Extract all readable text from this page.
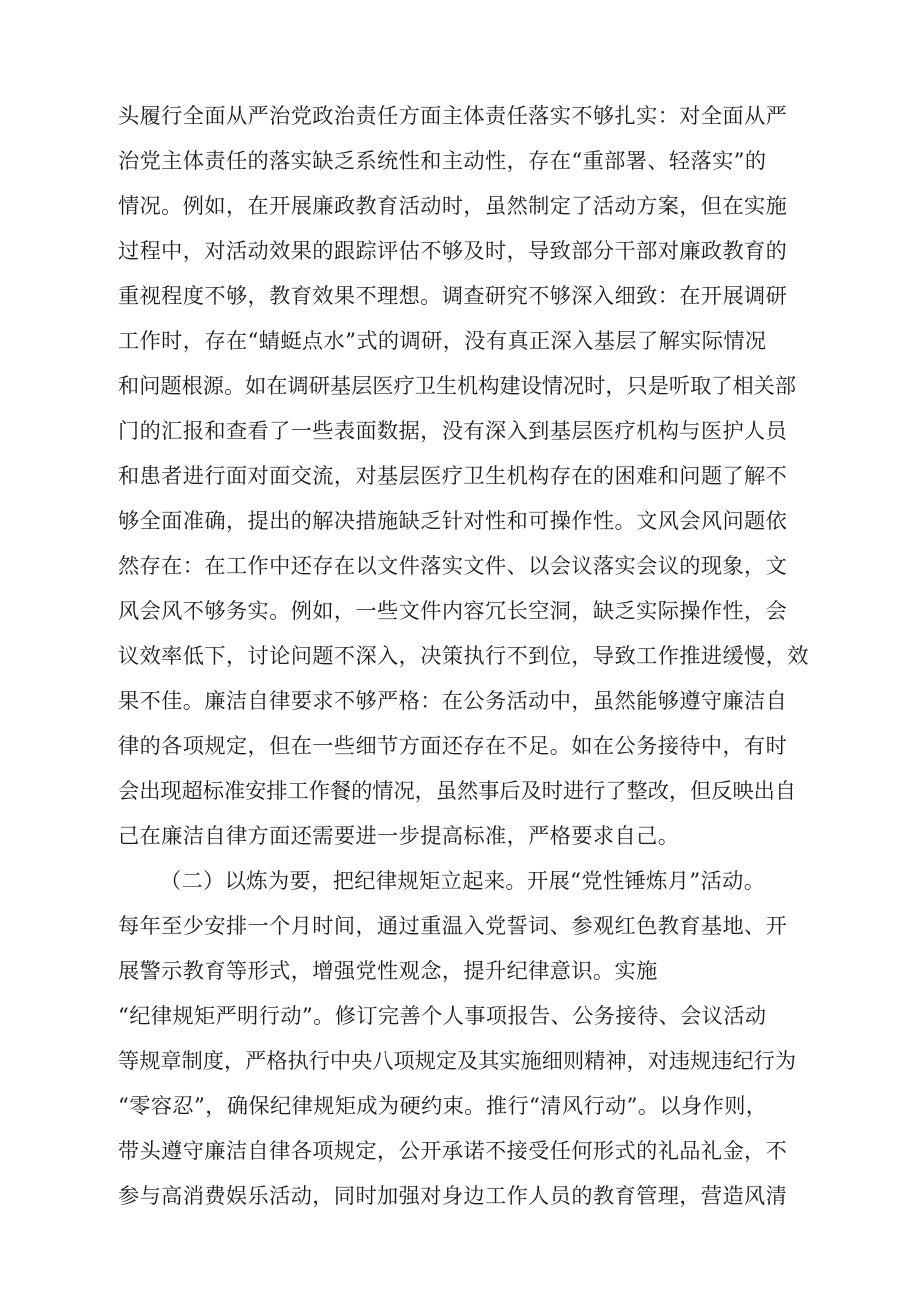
头履行全面从严治党政治责任方面主体责任落实不够扎实：对全面从严
治党主体责任的落实缺乏系统性和主动性，存在“重部署、轻落实”的
情况。例如，在开展廉政教育活动时，虽然制定了活动方案，但在实施
过程中，对活动效果的跟踪评估不够及时，导致部分干部对廉政教育的
重视程度不够，教育效果不理想。调查研究不够深入细致：在开展调研
工作时，存在“蜻蜓点水”式的调研，没有真正深入基层了解实际情况
和问题根源。如在调研基层医疗卫生机构建设情况时，只是听取了相关部
门的汇报和查看了一些表面数据，没有深入到基层医疗机构与医护人员
和患者进行面对面交流，对基层医疗卫生机构存在的困难和问题了解不
够全面准确，提出的解决措施缺乏针对性和可操作性。文风会风问题依
然存在：在工作中还存在以文件落实文件、以会议落实会议的现象，文
风会风不够务实。例如，一些文件内容冗长空洞，缺乏实际操作性，会
议效率低下，讨论问题不深入，决策执行不到位，导致工作推进缓慢，效
果不佳。廉洁自律要求不够严格：在公务活动中，虽然能够遵守廉洁自
律的各项规定，但在一些细节方面还存在不足。如在公务接待中，有时
会出现超标准安排工作餐的情况，虽然事后及时进行了整改，但反映出自
己在廉洁自律方面还需要进一步提高标准，严格要求自己。
（二）以炼为要，把纪律规矩立起来。开展“党性锤炼月”活动。
每年至少安排一个月时间，通过重温入党誓词、参观红色教育基地、开
展警示教育等形式，增强党性观念，提升纪律意识。实施
“纪律规矩严明行动”。修订完善个人事项报告、公务接待、会议活动
等规章制度，严格执行中央八项规定及其实施细则精神，对违规违纪行为
“零容忍”，确保纪律规矩成为硬约束。推行“清风行动”。以身作则，
带头遵守廉洁自律各项规定，公开承诺不接受任何形式的礼品礼金，不
参与高消费娱乐活动，同时加强对身边工作人员的教育管理，营造风清
